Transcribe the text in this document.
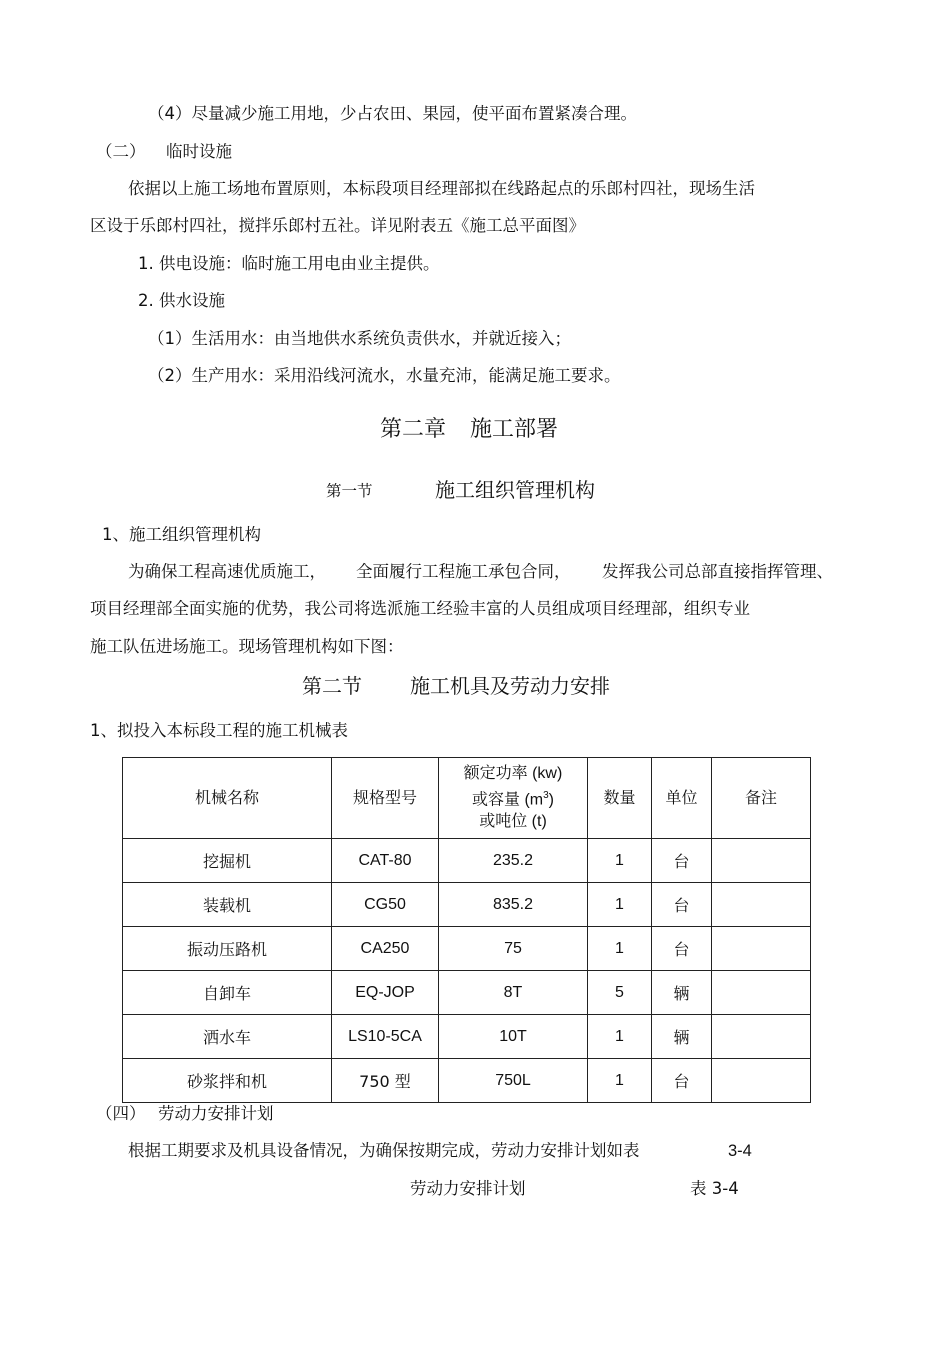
（4）尽量减少施工用地，少占农田、果园，使平面布置紧凑合理。
（二） 临时设施
依据以上施工场地布置原则，本标段项目经理部拟在线路起点的乐郎村四社，现场生活
区设于乐郎村四社，搅拌乐郎村五社。详见附表五《施工总平面图》
1. 供电设施：临时施工用电由业主提供。
2. 供水设施
（1）生活用水：由当地供水系统负责供水，并就近接入；
（2）生产用水：采用沿线河流水，水量充沛，能满足施工要求。
第二章 施工部署
第一节	施工组织管理机构
1、施工组织管理机构
为确保工程高速优质施工， 全面履行工程施工承包合同， 发挥我公司总部直接指挥管理、
项目经理部全面实施的优势，我公司将选派施工经验丰富的人员组成项目经理部，组织专业
施工队伍进场施工。现场管理机构如下图：
第二节 施工机具及劳动力安排
1、拟投入本标段工程的施工机械表
机械名称	规格型号	额定功率 (kw)
或容量 $(m^3)$
或吨位 (t)	数量	单位	备注
挖掘机	CAT-80	235.2	1	台	
装载机	CG50	835.2	1	台	
振动压路机	CA250	75	1	台	
自卸车	EQ-JOP	8T	5	辆	
洒水车	LS10-5CA	10T	1	辆	
砂浆拌和机	750 型	750L	1	台	
（四） 劳动力安排计划
根据工期要求及机具设备情况，为确保按期完成，劳动力安排计划如表	3-4
劳动力安排计划	表 3-4
